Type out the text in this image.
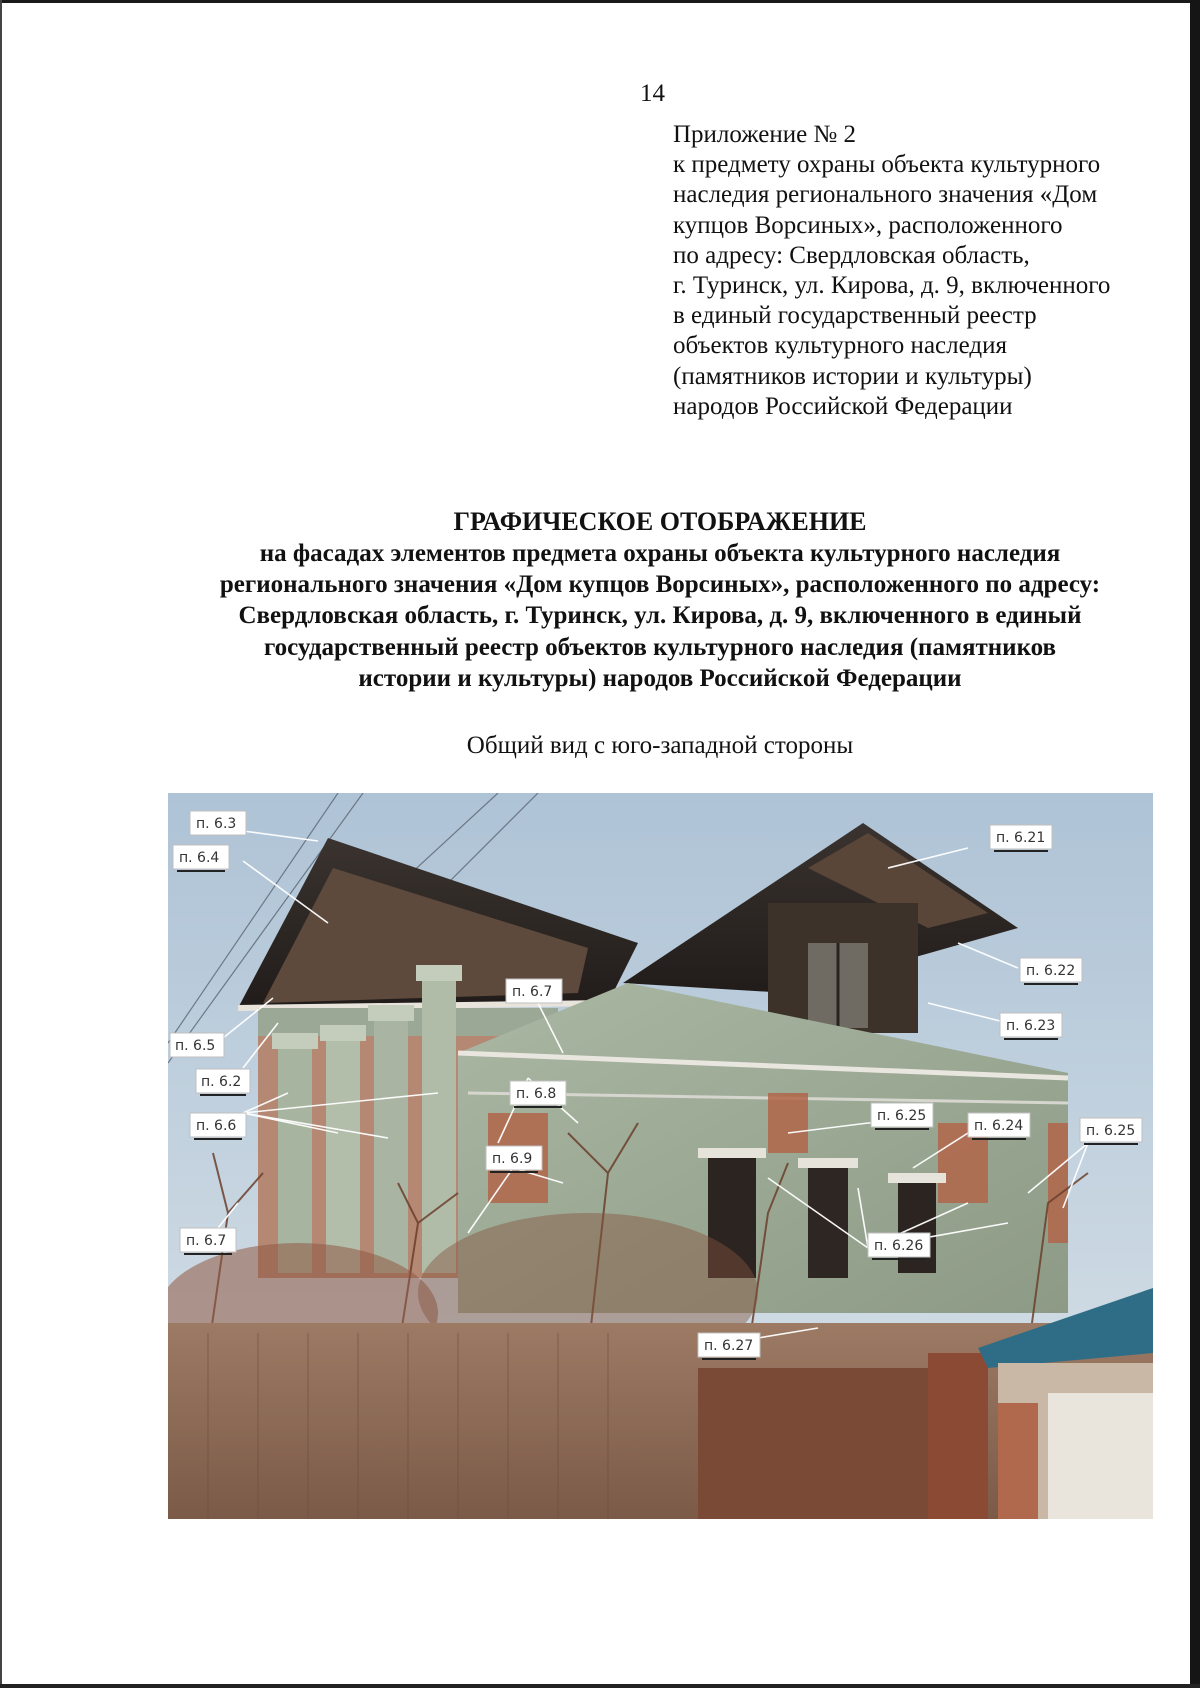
14
Приложение № 2
к предмету охраны объекта культурного
наследия регионального значения «Дом
купцов Ворсиных», расположенного
по адресу: Свердловская область,
г. Туринск, ул. Кирова, д. 9, включенного
в единый государственный реестр
объектов культурного наследия
(памятников истории и культуры)
народов Российской Федерации
ГРАФИЧЕСКОЕ ОТОБРАЖЕНИЕ
на фасадах элементов предмета охраны объекта культурного наследия
регионального значения «Дом купцов Ворсиных», расположенного по адресу:
Свердловская область, г. Туринск, ул. Кирова, д. 9, включенного в единый
государственный реестр объектов культурного наследия (памятников
истории и культуры) народов Российской Федерации
Общий вид с юго-западной стороны
п. 6.3
п. 6.4
п. 6.5
п. 6.2
п. 6.6
п. 6.7
п. 6.7
п. 6.8
п. 6.9
п. 6.21
п. 6.22
п. 6.23
п. 6.25
п. 6.24	п. 6.25
п. 6.26
п. 6.27
